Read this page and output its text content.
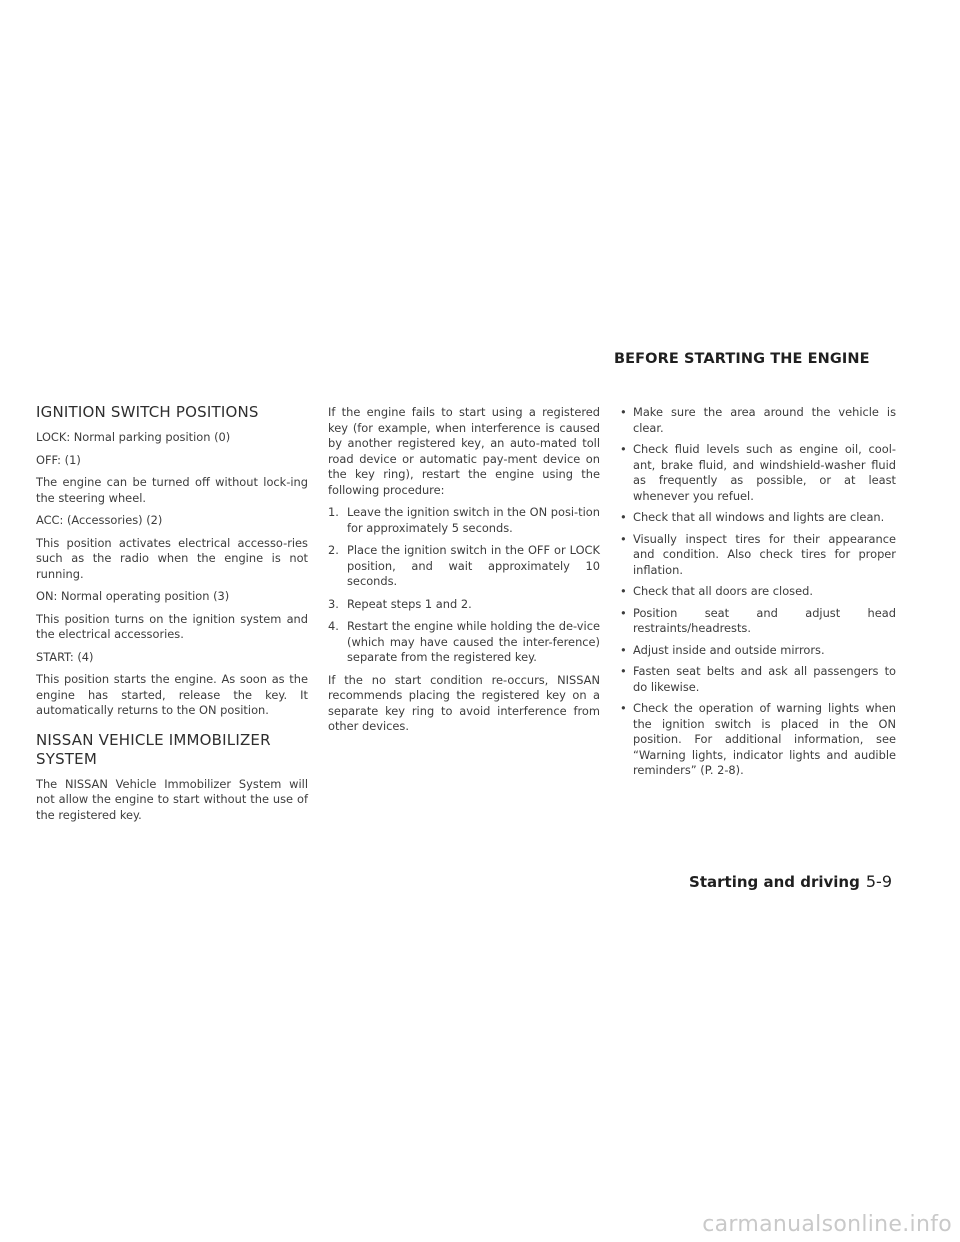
BEFORE STARTING THE ENGINE
IGNITION SWITCH POSITIONS

LOCK: Normal parking position (0)

OFF: (1)

The engine can be turned off without lock-ing the steering wheel.

ACC: (Accessories) (2)

This position activates electrical accesso-ries such as the radio when the engine is not running.

ON: Normal operating position (3)

This position turns on the ignition system and the electrical accessories.

START: (4)

This position starts the engine. As soon as the engine has started, release the key. It automatically returns to the ON position.

NISSAN VEHICLE IMMOBILIZER SYSTEM

The NISSAN Vehicle Immobilizer System will not allow the engine to start without the use of the registered key.

If the engine fails to start using a registered key (for example, when interference is caused by another registered key, an auto-mated toll road device or automatic pay-ment device on the key ring), restart the engine using the following procedure:

1. Leave the ignition switch in the ON posi-tion for approximately 5 seconds.
2. Place the ignition switch in the OFF or LOCK position, and wait approximately 10 seconds.
3. Repeat steps 1 and 2.
4. Restart the engine while holding the de-vice (which may have caused the inter-ference) separate from the registered key.

If the no start condition re-occurs, NISSAN recommends placing the registered key on a separate key ring to avoid interference from other devices.

• Make sure the area around the vehicle is clear.
• Check fluid levels such as engine oil, cool-ant, brake fluid, and windshield-washer fluid as frequently as possible, or at least whenever you refuel.
• Check that all windows and lights are clean.
• Visually inspect tires for their appearance and condition. Also check tires for proper inflation.
• Check that all doors are closed.
• Position seat and adjust head restraints/headrests.
• Adjust inside and outside mirrors.
• Fasten seat belts and ask all passengers to do likewise.
• Check the operation of warning lights when the ignition switch is placed in the ON position. For additional information, see “Warning lights, indicator lights and audible reminders” (P. 2-8).
Starting and driving 5-9
carmanualsonline.info
